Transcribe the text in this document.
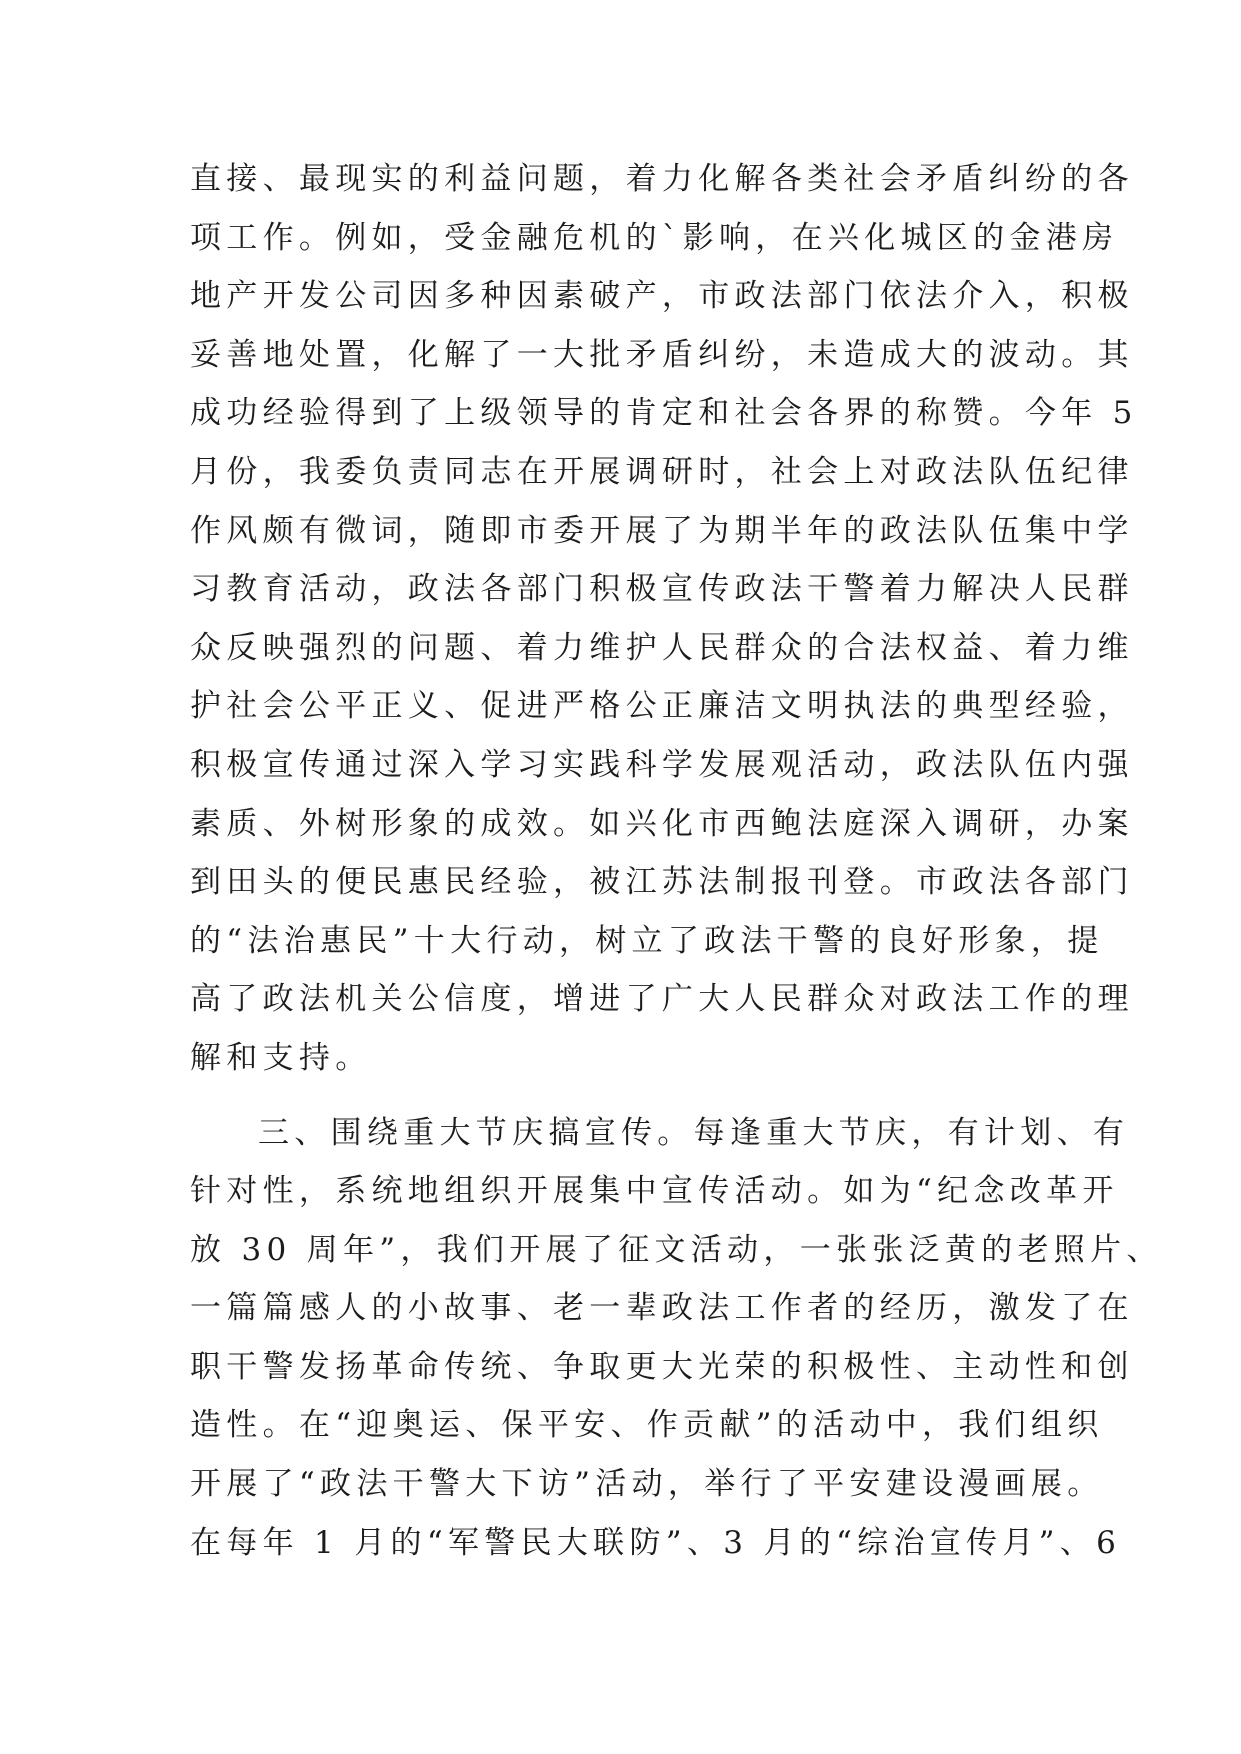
直接、最现实的利益问题，着力化解各类社会矛盾纠纷的各
项工作。例如，受金融危机的`影响，在兴化城区的金港房
地产开发公司因多种因素破产，市政法部门依法介入，积极
妥善地处置，化解了一大批矛盾纠纷，未造成大的波动。其
成功经验得到了上级领导的肯定和社会各界的称赞。今年 5
月份，我委负责同志在开展调研时，社会上对政法队伍纪律
作风颇有微词，随即市委开展了为期半年的政法队伍集中学
习教育活动，政法各部门积极宣传政法干警着力解决人民群
众反映强烈的问题、着力维护人民群众的合法权益、着力维
护社会公平正义、促进严格公正廉洁文明执法的典型经验，
积极宣传通过深入学习实践科学发展观活动，政法队伍内强
素质、外树形象的成效。如兴化市西鲍法庭深入调研，办案
到田头的便民惠民经验，被江苏法制报刊登。市政法各部门
的“法治惠民”十大行动，树立了政法干警的良好形象，提
高了政法机关公信度，增进了广大人民群众对政法工作的理
解和支持。
三、围绕重大节庆搞宣传。每逢重大节庆，有计划、有
针对性，系统地组织开展集中宣传活动。如为“纪念改革开
放 30 周年”，我们开展了征文活动，一张张泛黄的老照片、
一篇篇感人的小故事、老一辈政法工作者的经历，激发了在
职干警发扬革命传统、争取更大光荣的积极性、主动性和创
造性。在“迎奥运、保平安、作贡献”的活动中，我们组织
开展了“政法干警大下访”活动，举行了平安建设漫画展。
在每年 1 月的“军警民大联防”、3 月的“综治宣传月”、6
